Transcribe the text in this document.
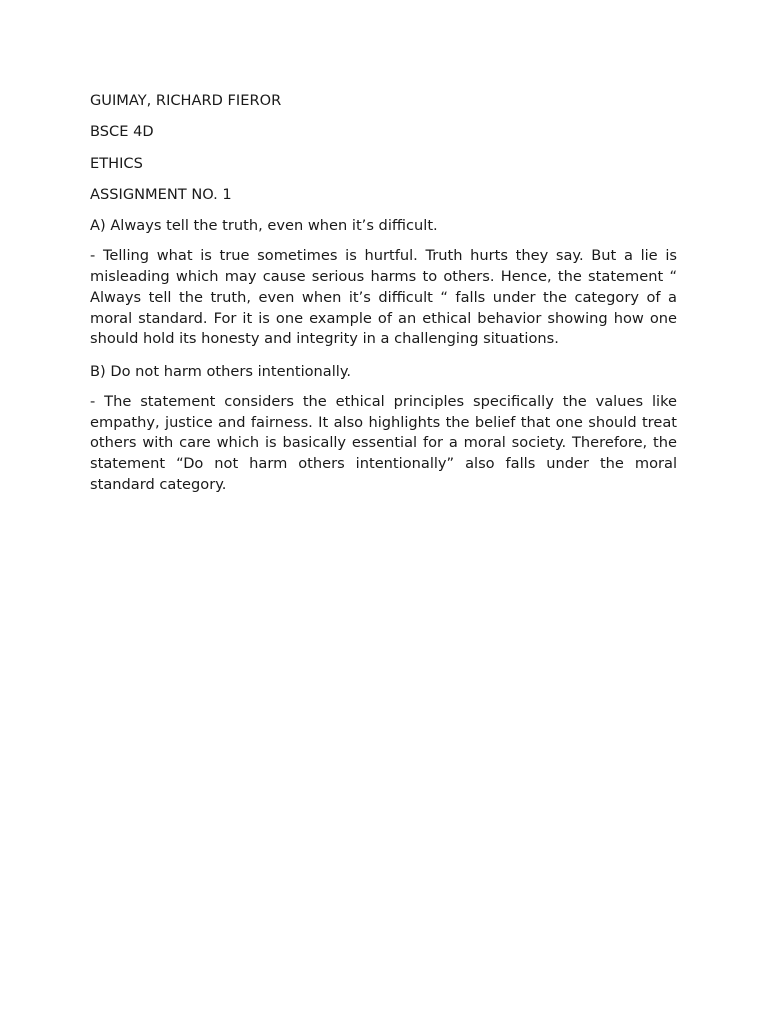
GUIMAY, RICHARD FIEROR

BSCE 4D

ETHICS

ASSIGNMENT NO. 1

A) Always tell the truth, even when it’s difficult.

- Telling what is true sometimes is hurtful. Truth hurts they say. But a lie is misleading which may cause serious harms to others. Hence, the statement “ Always tell the truth, even when it’s difficult “ falls under the category of a moral standard. For it is one example of an ethical behavior showing how one should hold its honesty and integrity in a challenging situations.

B) Do not harm others intentionally.

- The statement considers the ethical principles specifically the values like empathy, justice and fairness. It also highlights the belief that one should treat others with care which is basically essential for a moral society. Therefore, the statement “Do not harm others intentionally” also falls under the moral standard category.
